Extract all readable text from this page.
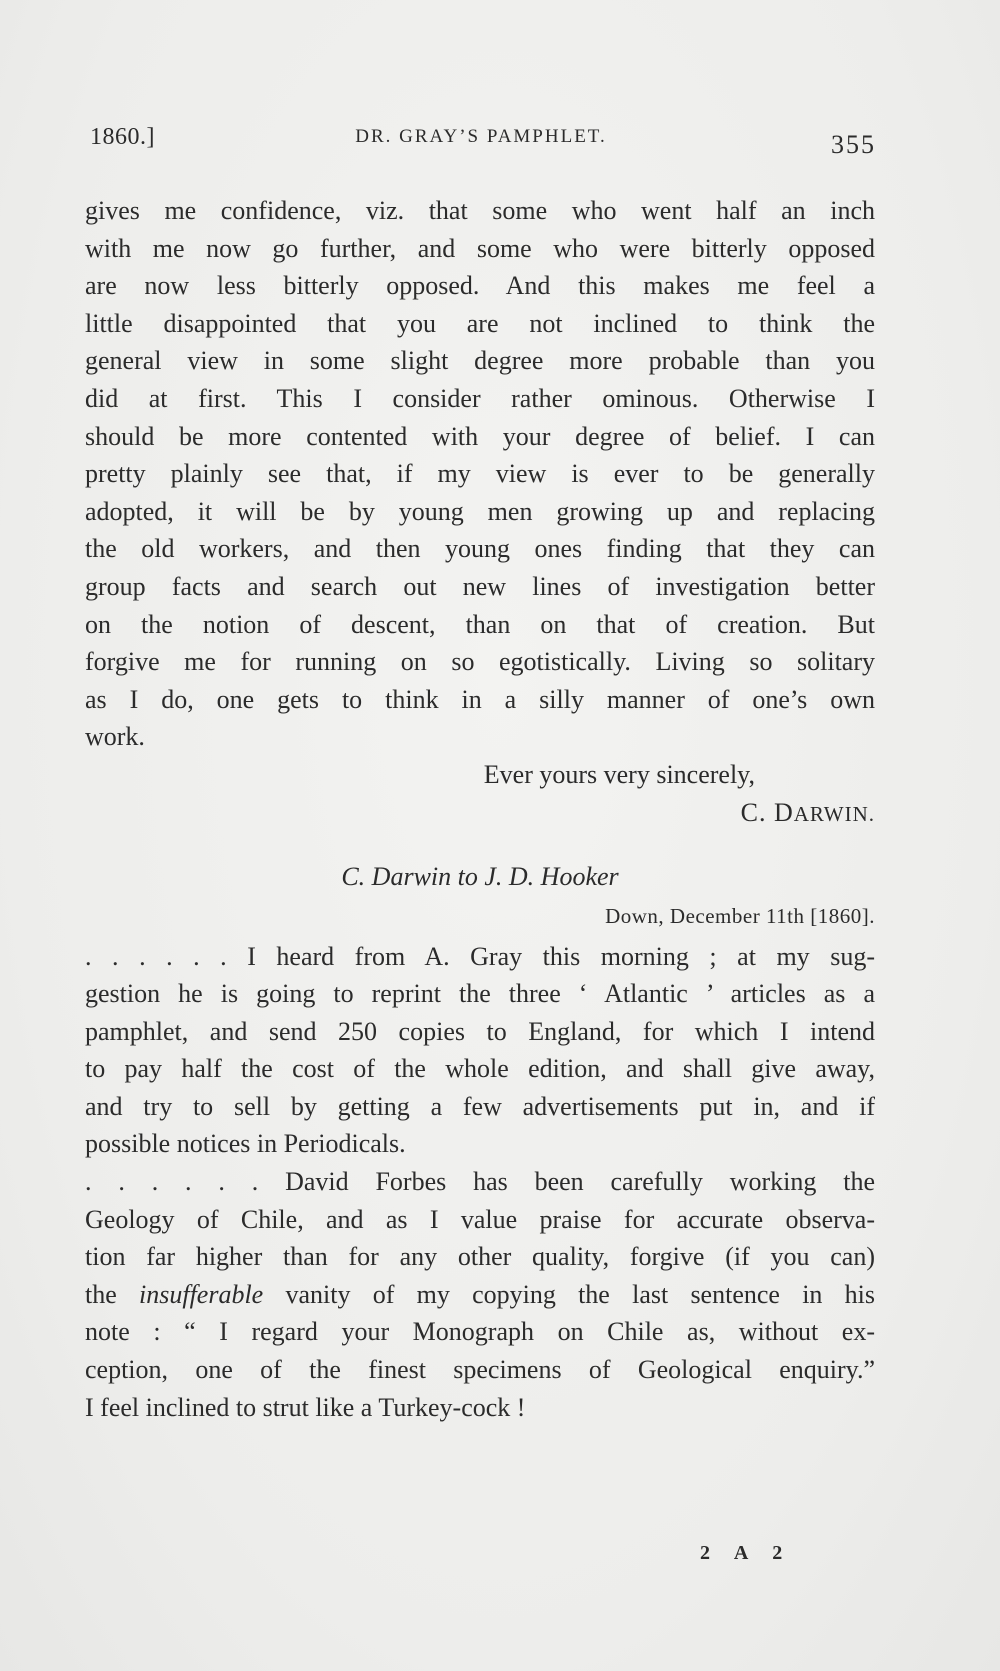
1860.]	DR. GRAY’S PAMPHLET.	355
gives me confidence, viz. that some who went half an inch
with me now go further, and some who were bitterly opposed
are now less bitterly opposed. And this makes me feel a
little disappointed that you are not inclined to think the
general view in some slight degree more probable than you
did at first. This I consider rather ominous. Otherwise I
should be more contented with your degree of belief. I can
pretty plainly see that, if my view is ever to be generally
adopted, it will be by young men growing up and replacing
the old workers, and then young ones finding that they can
group facts and search out new lines of investigation better
on the notion of descent, than on that of creation. But
forgive me for running on so egotistically. Living so solitary
as I do, one gets to think in a silly manner of one’s own
work.

Ever yours very sincerely,

C. DARWIN.

C. Darwin to J. D. Hooker

Down, December 11th [1860].

. . . . . . I heard from A. Gray this morning ; at my sug-
gestion he is going to reprint the three ‘ Atlantic ’ articles as a
pamphlet, and send 250 copies to England, for which I intend
to pay half the cost of the whole edition, and shall give away,
and try to sell by getting a few advertisements put in, and if
possible notices in Periodicals.
. . . . . . David Forbes has been carefully working the
Geology of Chile, and as I value praise for accurate observa-
tion far higher than for any other quality, forgive (if you can)
the insufferable vanity of my copying the last sentence in his
note : “ I regard your Monograph on Chile as, without ex-
ception, one of the finest specimens of Geological enquiry.”
I feel inclined to strut like a Turkey-cock !
2 A 2
